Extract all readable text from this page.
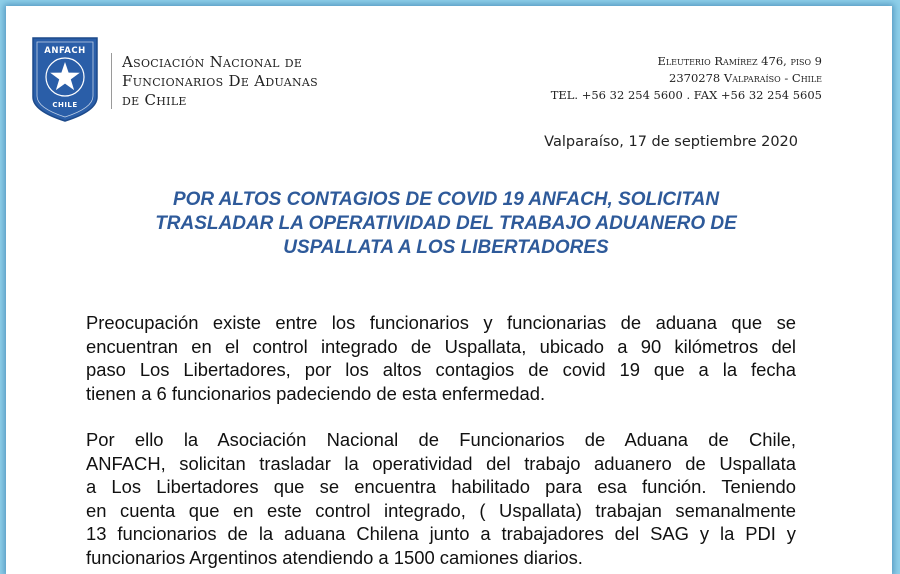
ANFACH
CHILE
Asociación Nacional de
Funcionarios De Aduanas
de Chile
Eleuterio Ramírez 476, piso 9
2370278 Valparaíso - Chile
TEL. +56 32 254 5600 . FAX +56 32 254 5605
Valparaíso, 17 de septiembre 2020
POR ALTOS CONTAGIOS DE COVID 19 ANFACH, SOLICITAN
TRASLADAR LA OPERATIVIDAD DEL TRABAJO ADUANERO DE
USPALLATA A LOS LIBERTADORES

Preocupación existe entre los funcionarios y funcionarias de aduana que se
encuentran en el control integrado de Uspallata, ubicado a 90 kilómetros del
paso Los Libertadores, por los altos contagios de covid 19 que a la fecha
tienen a 6 funcionarios padeciendo de esta enfermedad.

Por ello la Asociación Nacional de Funcionarios de Aduana de Chile,
ANFACH, solicitan trasladar la operatividad del trabajo aduanero de Uspallata
a Los Libertadores que se encuentra habilitado para esa función. Teniendo
en cuenta que en este control integrado, ( Uspallata) trabajan semanalmente
13 funcionarios de la aduana Chilena junto a trabajadores del SAG y la PDI y
funcionarios Argentinos atendiendo a 1500 camiones diarios.
